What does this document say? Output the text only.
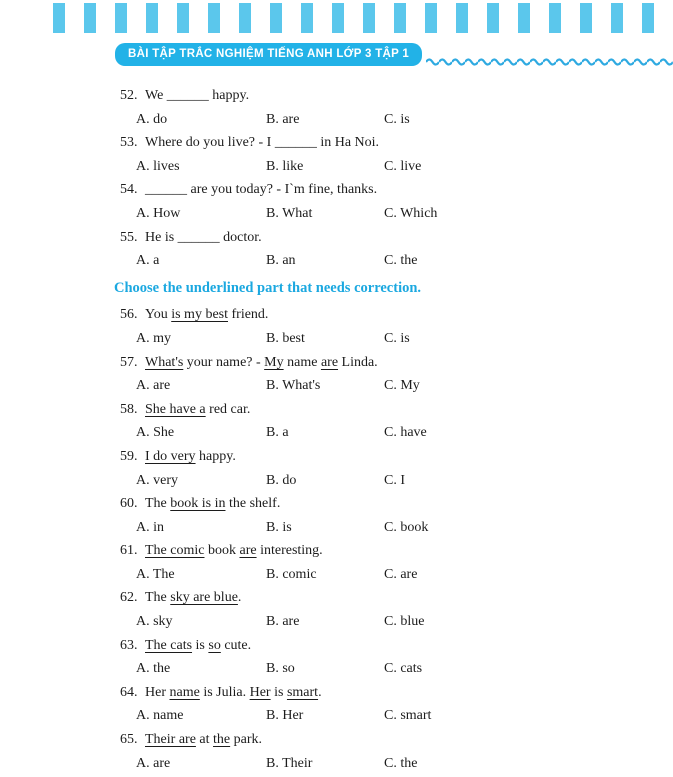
BÀI TẬP TRẮC NGHIỆM TIẾNG ANH LỚP 3 TẬP 1
52. We ______ happy.
A. do	B. are	C. is
53. Where do you live? - I ______ in Ha Noi.
A. lives	B. like	C. live
54. ______ are you today? - I`m fine, thanks.
A. How	B. What	C. Which
55. He is ______ doctor.
A. a	B. an	C. the
Choose the underlined part that needs correction.
56. You is my best friend.
A. my	B. best	C. is
57. What's your name? - My name are Linda.
A. are	B. What's	C. My
58. She have a red car.
A. She	B. a	C. have
59. I do very happy.
A. very	B. do	C. I
60. The book is in the shelf.
A. in	B. is	C. book
61. The comic book are interesting.
A. The	B. comic	C. are
62. The sky are blue.
A. sky	B. are	C. blue
63. The cats is so cute.
A. the	B. so	C. cats
64. Her name is Julia. Her is smart.
A. name	B. Her	C. smart
65. Their are at the park.
A. are	B. Their	C. the
